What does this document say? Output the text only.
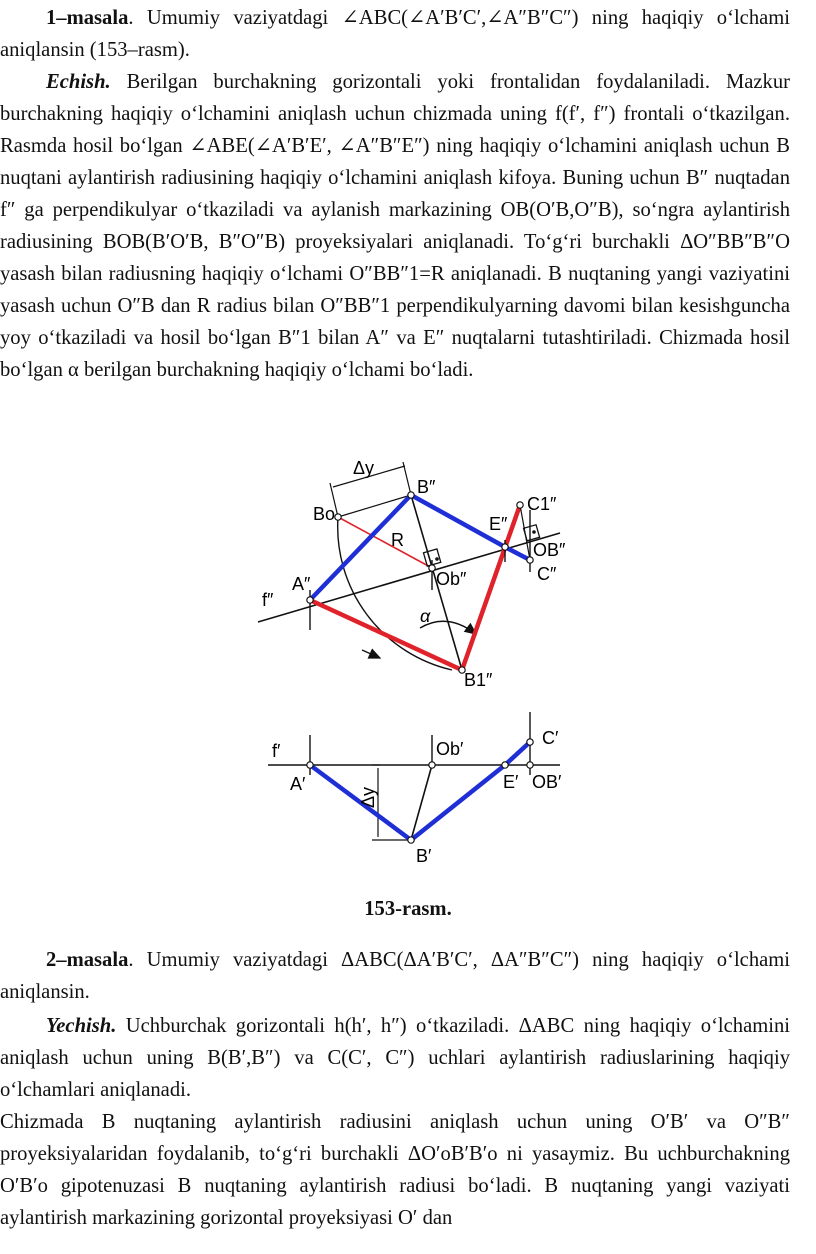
1–masala. Umumiy vaziyatdagi ∠ABC(∠A′B′C′,∠A″B″C″) ning haqiqiy o‘lchami aniqlansin (153–rasm).

Echish. Berilgan burchakning gorizontali yoki frontalidan foydalaniladi. Mazkur burchakning haqiqiy o‘lchamini aniqlash uchun chizmada uning f(f′, f″) frontali o‘tkazilgan. Rasmda hosil bo‘lgan ∠ABE(∠A′B′E′, ∠A″B″E″) ning haqiqiy o‘lchamini aniqlash uchun B nuqtani aylantirish radiusining haqiqiy o‘lchamini aniqlash kifoya. Buning uchun B″ nuqtadan f″ ga perpendikulyar o‘tkaziladi va aylanish markazining OB(O′B,O″B), so‘ngra aylantirish radiusining BOB(B′O′B, B″O″B) proyeksiyalari aniqlanadi. To‘g‘ri burchakli ΔO″BB″B″O yasash bilan radiusning haqiqiy o‘lchami O″BB″1=R aniqlanadi. B nuqtaning yangi vaziyatini yasash uchun O″B dan R radius bilan O″BB″1 perpendikulyarning davomi bilan kesishguncha yoy o‘tkaziladi va hosil bo‘lgan B″1 bilan A″ va E″ nuqtalarni tutashtiriladi. Chizmada hosil bo‘lgan α berilgan burchakning haqiqiy o‘lchami bo‘ladi.

Δy
B″
Bo	C1″
R
E″
OB″
C″
A″	Ob″
f″
α
B1″
f′	Ob′
C′
A′	E′ OB′
Δy
B′
153-rasm.

2–masala. Umumiy vaziyatdagi ΔABC(ΔA′B′C′, ΔA″B″C″) ning haqiqiy o‘lchami aniqlansin.

Yechish. Uchburchak gorizontali h(h′, h″) o‘tkaziladi. ΔABC ning haqiqiy o‘lchamini aniqlash uchun uning B(B′,B″) va C(C′, C″) uchlari aylantirish radiuslarining haqiqiy o‘lchamlari aniqlanadi.

Chizmada B nuqtaning aylantirish radiusini aniqlash uchun uning O′B′ va O″B″ proyeksiyalaridan foydalanib, to‘g‘ri burchakli ΔO′oB′B′o ni yasaymiz. Bu uchburchakning O′B′o gipotenuzasi B nuqtaning aylantirish radiusi bo‘ladi. B nuqtaning yangi vaziyati aylantirish markazining gorizontal proyeksiyasi O′ dan
